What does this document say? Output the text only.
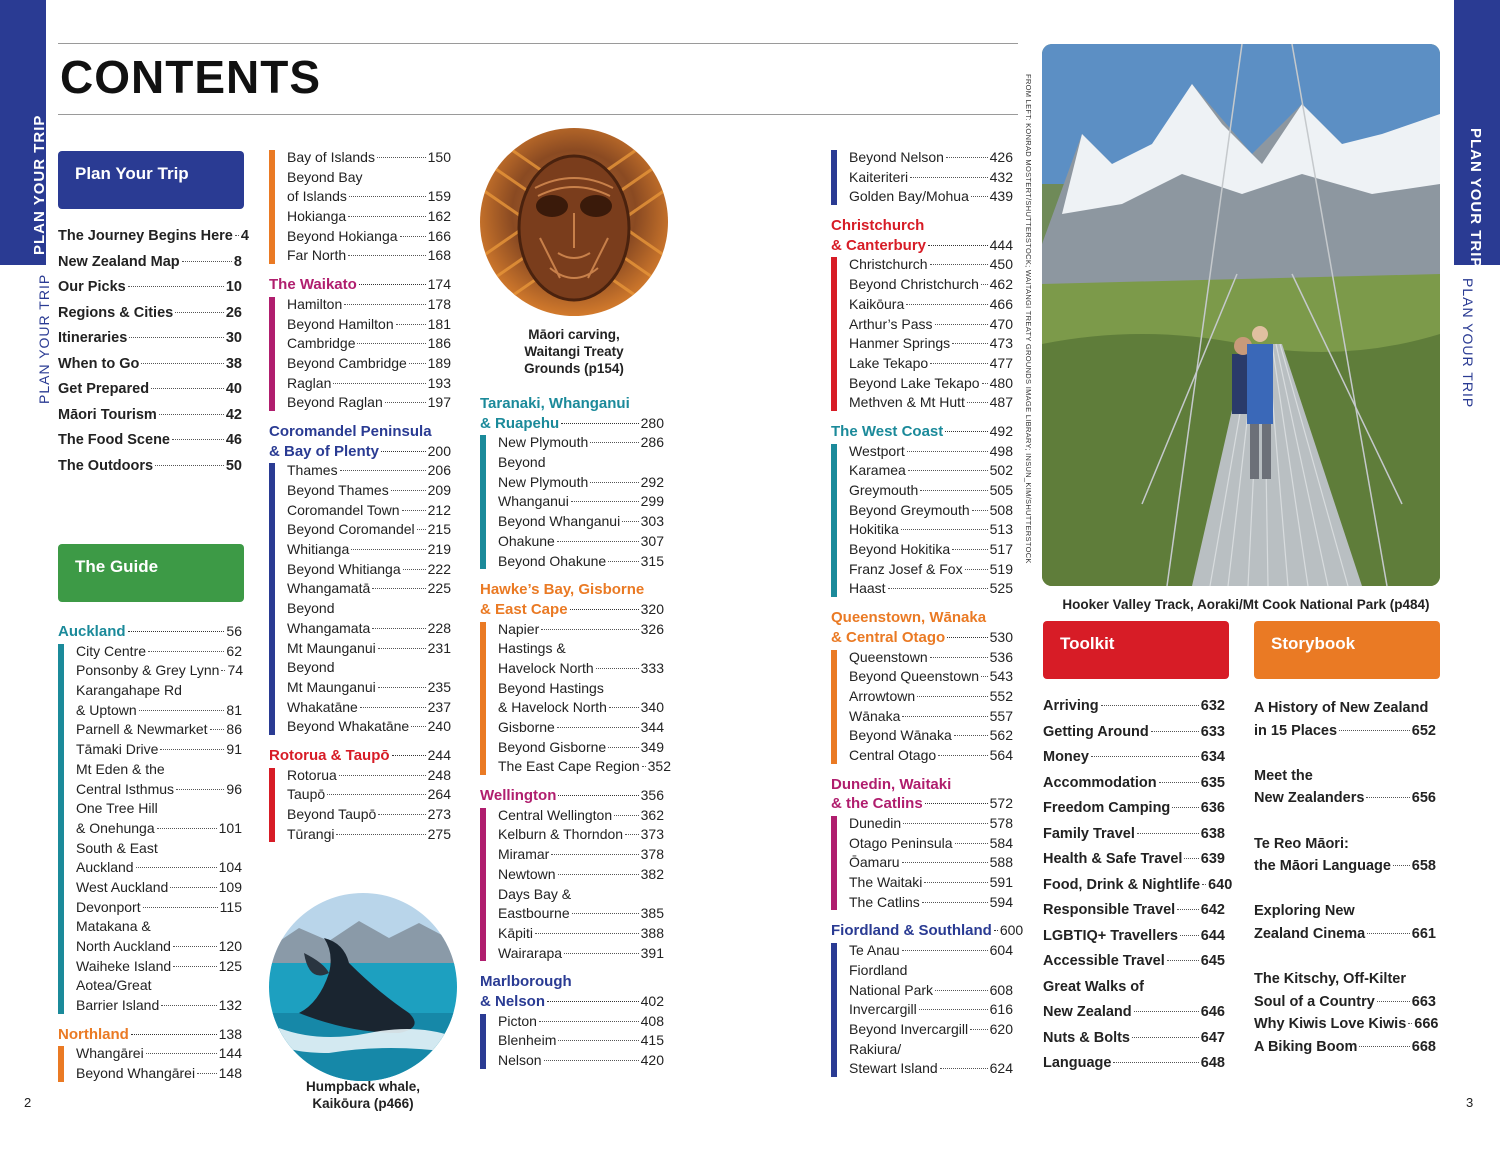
PLAN YOUR TRIP
PLAN YOUR TRIP
PLAN YOUR TRIP
PLAN YOUR TRIP
CONTENTS
Plan Your Trip
The Journey Begins Here 4
New Zealand Map	8
Our Picks	10
Regions & Cities	26
Itineraries	30
When to Go	38
Get Prepared	40
Māori Tourism	42
The Food Scene	46
The Outdoors	50
The Guide
Auckland	56
City Centre	62
Ponsonby & Grey Lynn 74
Karangahape Rd
& Uptown	81
Parnell & Newmarket 86
Tāmaki Drive	91
Mt Eden & the
Central Isthmus	96
One Tree Hill
& Onehunga	101
South & East
Auckland	104
West Auckland	109
Devonport	115
Matakana &
North Auckland	120
Waiheke Island	125
Aotea/Great
Barrier Island	132
Northland	138
Whangārei	144
Beyond Whangārei 148
Bay of Islands	150
Beyond Bay
of Islands	159
Hokianga	162
Beyond Hokianga 166
Far North	168
The Waikato	174
Hamilton	178
Beyond Hamilton 181
Cambridge	186
Beyond Cambridge 189
Raglan	193
Beyond Raglan	197
Coromandel Peninsula
& Bay of Plenty	200
Thames	206
Beyond Thames	209
Coromandel Town 212
Beyond Coromandel 215
Whitianga	219
Beyond Whitianga 222
Whangamatā	225
Beyond
Whangamata	228
Mt Maunganui	231
Beyond
Mt Maunganui	235
Whakatāne	237
Beyond Whakatāne 240
Rotorua & Taupō	244
Rotorua	248
Taupō	264
Beyond Taupō	273
Tūrangi	275
Māori carving, Waitangi Treaty Grounds (p154)
Taranaki, Whanganui
& Ruapehu	280
New Plymouth	286
Beyond
New Plymouth	292
Whanganui	299
Beyond Whanganui 303
Ohakune	307
Beyond Ohakune 315
Hawke’s Bay, Gisborne
& East Cape	320
Napier	326
Hastings &
Havelock North	333
Beyond Hastings
& Havelock North 340
Gisborne	344
Beyond Gisborne 349
The East Cape Region 352
Wellington	356
Central Wellington 362
Kelburn & Thorndon 373
Miramar	378
Newtown	382
Days Bay &
Eastbourne	385
Kāpiti	388
Wairarapa	391
Marlborough
& Nelson	402
Picton	408
Blenheim	415
Nelson	420
Humpback whale, Kaikōura (p466)
Beyond Nelson	426
Kaiteriteri	432
Golden Bay/Mohua 439
Christchurch
& Canterbury	444
Christchurch	450
Beyond Christchurch 462
Kaikōura	466
Arthur’s Pass	470
Hanmer Springs	473
Lake Tekapo	477
Beyond Lake Tekapo 480
Methven & Mt Hutt 487
The West Coast	492
Westport	498
Karamea	502
Greymouth	505
Beyond Greymouth 508
Hokitika	513
Beyond Hokitika	517
Franz Josef & Fox 519
Haast	525
Queenstown, Wānaka
& Central Otago	530
Queenstown	536
Beyond Queenstown 543
Arrowtown	552
Wānaka	557
Beyond Wānaka	562
Central Otago	564
Dunedin, Waitaki
& the Catlins	572
Dunedin	578
Otago Peninsula	584
Ōamaru	588
The Waitaki	591
The Catlins	594
Fiordland & Southland 600
Te Anau	604
Fiordland
National Park	608
Invercargill	616
Beyond Invercargill 620
Rakiura/
Stewart Island	624
FROM LEFT: KONRAD MOSTERT/SHUTTERSTOCK; WAITANGI TREATY GROUNDS IMAGE LIBRARY; INSUN_KIM/SHUTTERSTOCK
Hooker Valley Track, Aoraki/Mt Cook National Park (p484)
Toolkit
Arriving	632
Getting Around	633
Money	634
Accommodation	635
Freedom Camping 636
Family Travel	638
Health & Safe Travel 639
Food, Drink & Nightlife 640
Responsible Travel 642
LGBTIQ+ Travellers 644
Accessible Travel 645
Great Walks of
New Zealand	646
Nuts & Bolts	647
Language	648
Storybook
A History of New Zealand
in 15 Places	652
Meet the
New Zealanders	656
Te Reo Māori:
the Māori Language 658
Exploring New
Zealand Cinema	661
The Kitschy, Off-Kilter
Soul of a Country	663
Why Kiwis Love Kiwis 666
A Biking Boom	668
2	3
